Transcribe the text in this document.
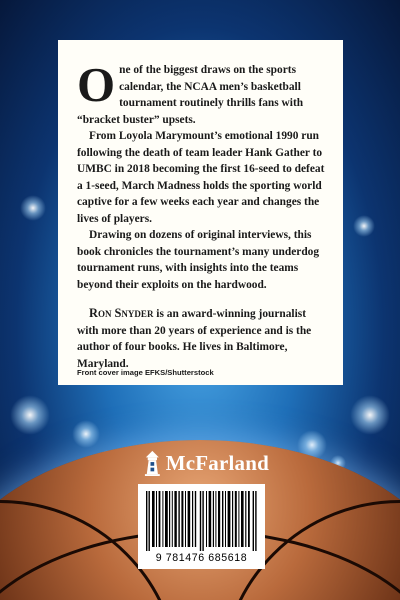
One of the biggest draws on the sports calendar, the NCAA men’s basketball tournament routinely thrills fans with “bracket buster” upsets.

From Loyola Marymount’s emotional 1990 run following the death of team leader Hank Gather to UMBC in 2018 becoming the first 16-seed to defeat a 1-seed, March Madness holds the sporting world captive for a few weeks each year and changes the lives of players.

Drawing on dozens of original interviews, this book chronicles the tournament’s many underdog tournament runs, with insights into the teams beyond their exploits on the hardwood.

Ron Snyder is an award-winning journalist with more than 20 years of experience and is the author of four books. He lives in Baltimore, Maryland.

Front cover image EFKS/Shutterstock
McFarland
9 781476 685618
